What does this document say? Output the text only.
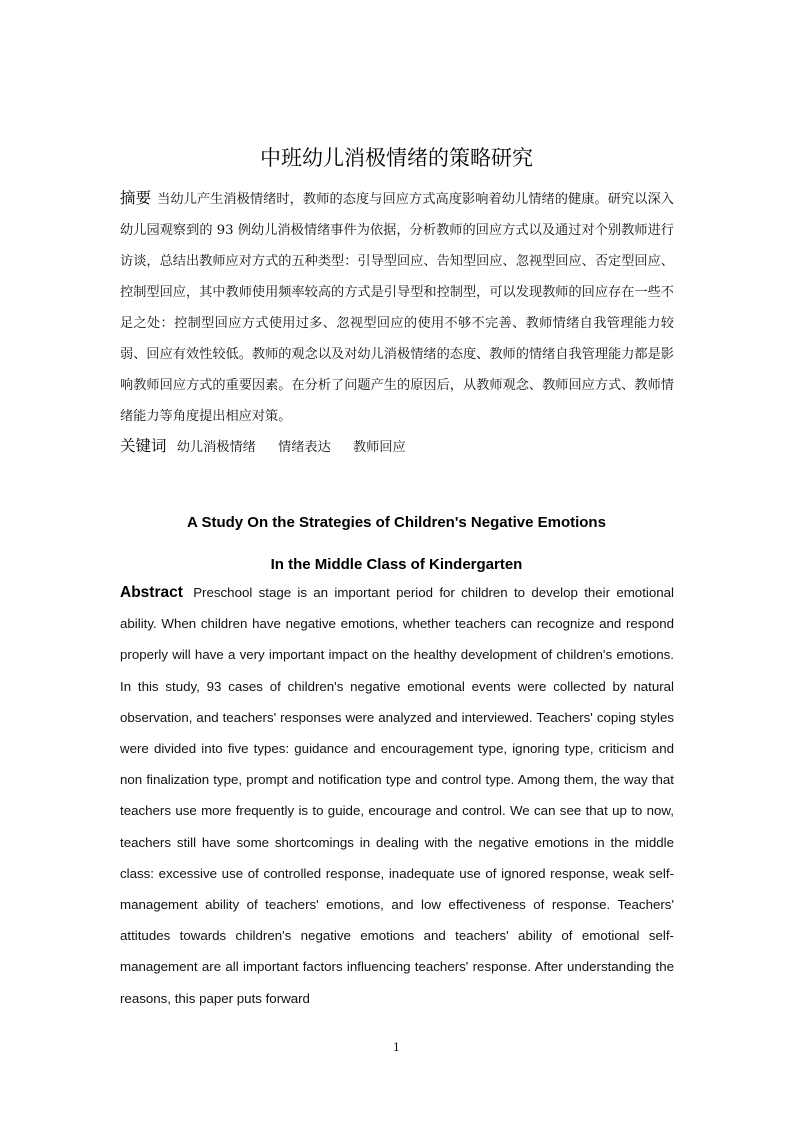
中班幼儿消极情绪的策略研究
摘要 当幼儿产生消极情绪时，教师的态度与回应方式高度影响着幼儿情绪的健康。研究以深入幼儿园观察到的 93 例幼儿消极情绪事件为依据，分析教师的回应方式以及通过对个别教师进行访谈，总结出教师应对方式的五种类型：引导型回应、告知型回应、忽视型回应、否定型回应、控制型回应，其中教师使用频率较高的方式是引导型和控制型，可以发现教师的回应存在一些不足之处：控制型回应方式使用过多、忽视型回应的使用不够不完善、教师情绪自我管理能力较弱、回应有效性较低。教师的观念以及对幼儿消极情绪的态度、教师的情绪自我管理能力都是影响教师回应方式的重要因素。在分析了问题产生的原因后，从教师观念、教师回应方式、教师情绪能力等角度提出相应对策。
关键词 幼儿消极情绪 情绪表达 教师回应
A Study On the Strategies of Children's Negative Emotions
In the Middle Class of Kindergarten
Abstract Preschool stage is an important period for children to develop their emotional ability. When children have negative emotions, whether teachers can recognize and respond properly will have a very important impact on the healthy development of children's emotions. In this study, 93 cases of children's negative emotional events were collected by natural observation, and teachers' responses were analyzed and interviewed. Teachers' coping styles were divided into five types: guidance and encouragement type, ignoring type, criticism and non finalization type, prompt and notification type and control type. Among them, the way that teachers use more frequently is to guide, encourage and control. We can see that up to now, teachers still have some shortcomings in dealing with the negative emotions in the middle class: excessive use of controlled response, inadequate use of ignored response, weak self-management ability of teachers' emotions, and low effectiveness of response. Teachers' attitudes towards children's negative emotions and teachers' ability of emotional self-management are all important factors influencing teachers' response. After understanding the reasons, this paper puts forward
1
